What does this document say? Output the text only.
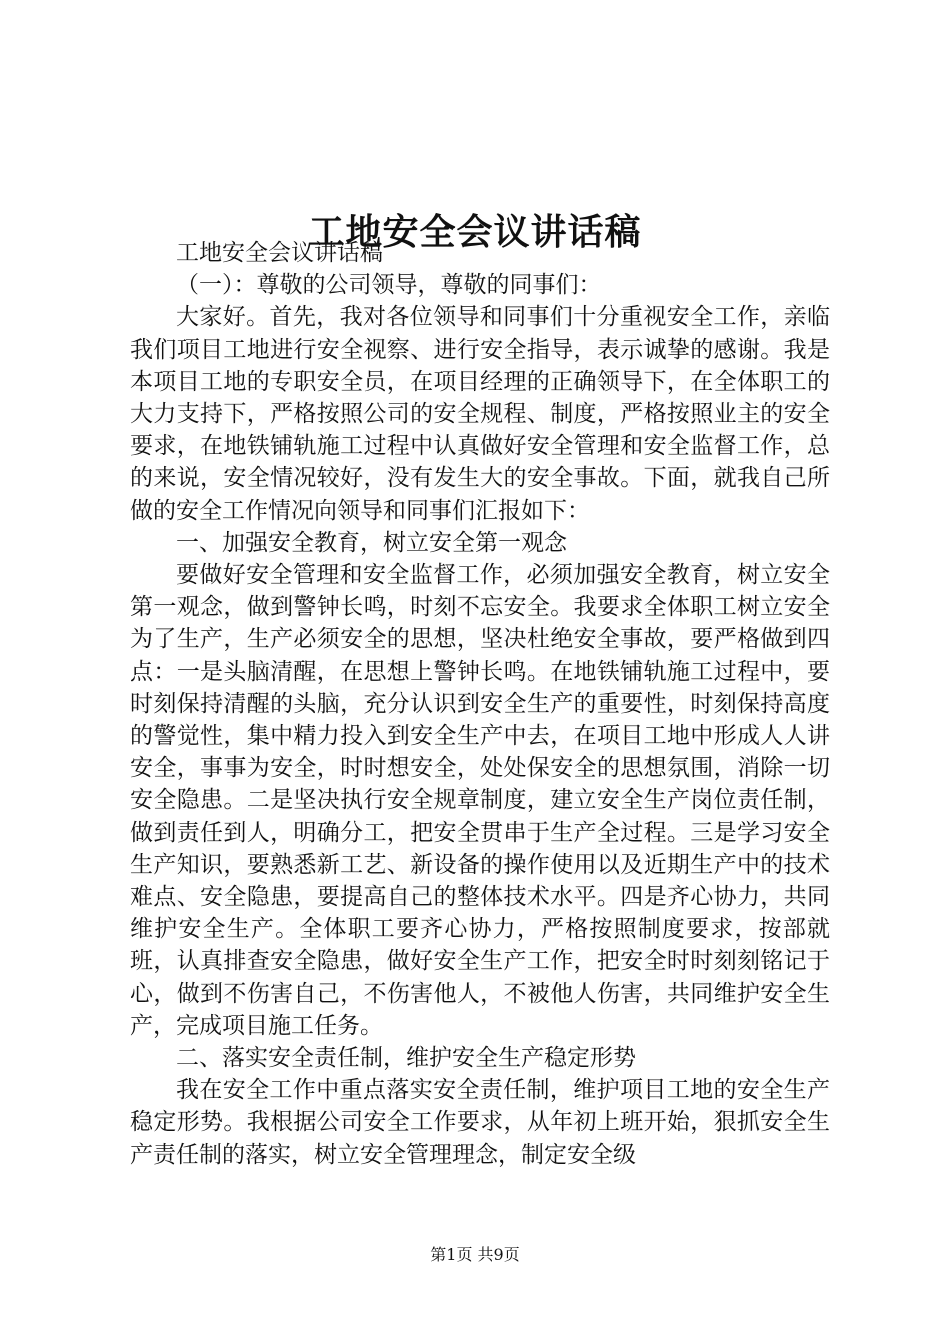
工地安全会议讲话稿

工地安全会议讲话稿

（一）：尊敬的公司领导，尊敬的同事们：

大家好。首先，我对各位领导和同事们十分重视安全工作，亲临我们项目工地进行安全视察、进行安全指导，表示诚挚的感谢。我是本项目工地的专职安全员，在项目经理的正确领导下，在全体职工的大力支持下，严格按照公司的安全规程、制度，严格按照业主的安全要求，在地铁铺轨施工过程中认真做好安全管理和安全监督工作，总的来说，安全情况较好，没有发生大的安全事故。下面，就我自己所做的安全工作情况向领导和同事们汇报如下：

一、加强安全教育，树立安全第一观念

要做好安全管理和安全监督工作，必须加强安全教育，树立安全第一观念，做到警钟长鸣，时刻不忘安全。我要求全体职工树立安全为了生产，生产必须安全的思想，坚决杜绝安全事故，要严格做到四点：一是头脑清醒，在思想上警钟长鸣。在地铁铺轨施工过程中，要时刻保持清醒的头脑，充分认识到安全生产的重要性，时刻保持高度的警觉性，集中精力投入到安全生产中去，在项目工地中形成人人讲安全，事事为安全，时时想安全，处处保安全的思想氛围，消除一切安全隐患。二是坚决执行安全规章制度，建立安全生产岗位责任制，做到责任到人，明确分工，把安全贯串于生产全过程。三是学习安全生产知识，要熟悉新工艺、新设备的操作使用以及近期生产中的技术难点、安全隐患，要提高自己的整体技术水平。四是齐心协力，共同维护安全生产。全体职工要齐心协力，严格按照制度要求，按部就班，认真排查安全隐患，做好安全生产工作，把安全时时刻刻铭记于心，做到不伤害自己，不伤害他人，不被他人伤害，共同维护安全生产，完成项目施工任务。

二、落实安全责任制，维护安全生产稳定形势

我在安全工作中重点落实安全责任制，维护项目工地的安全生产稳定形势。我根据公司安全工作要求，从年初上班开始，狠抓安全生产责任制的落实，树立安全管理理念，制定安全级

第1页 共9页
